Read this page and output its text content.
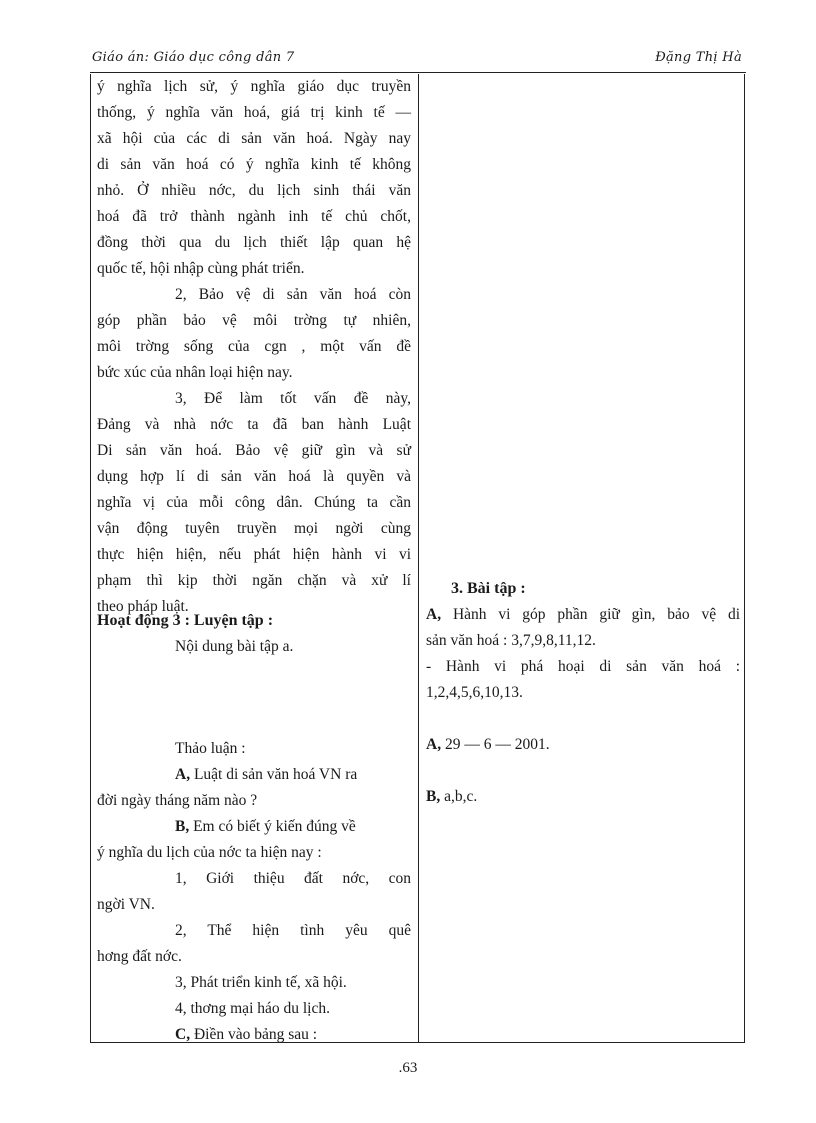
Giáo án: Giáo dục công dân 7	Đặng Thị Hà
ý nghĩa lịch sử, ý nghĩa giáo dục truyền
thống, ý nghĩa văn hoá, giá trị kinh tế —
xã hội của các di sản văn hoá. Ngày nay
di sản văn hoá có ý nghĩa kinh tế không
nhỏ. Ở nhiều nớc, du lịch sinh thái văn
hoá đã trở thành ngành inh tế chủ chốt,
đồng thời qua du lịch thiết lập quan hệ
quốc tế, hội nhập cùng phát triển.
2, Bảo vệ di sản văn hoá còn
góp phần bảo vệ môi trờng tự nhiên,
môi trờng sống của cgn , một vấn đề
bức xúc của nhân loại hiện nay.
3, Để làm tốt vấn đề này,
Đảng và nhà nớc ta đã ban hành Luật
Di sản văn hoá. Bảo vệ giữ gìn và sử
dụng hợp lí di sản văn hoá là quyền và
nghĩa vị của mỗi công dân. Chúng ta cần
vận động tuyên truyền mọi ngời cùng
thực hiện hiện, nếu phát hiện hành vi vi
phạm thì kịp thời ngăn chặn và xử lí
theo pháp luật.
Hoạt động 3 : Luyện tập :
Nội dung bài tập a.
Thảo luận :
A, Luật di sản văn hoá VN ra
đời ngày tháng năm nào ?
B, Em có biết ý kiến đúng về
ý nghĩa du lịch của nớc ta hiện nay :
1, Giới thiệu đất nớc, con
ngời VN.
2, Thể hiện tình yêu quê
hơng đất nớc.
3, Phát triển kinh tế, xã hội.
4, thơng mại háo du lịch.
C, Điền vào bảng sau :
3. Bài tập :
A, Hành vi góp phần giữ gìn, bảo vệ di
sản văn hoá : 3,7,9,8,11,12.
- Hành vi phá hoại di sản văn hoá :
1,2,4,5,6,10,13.
A, 29 — 6 — 2001.
B, a,b,c.
.63
